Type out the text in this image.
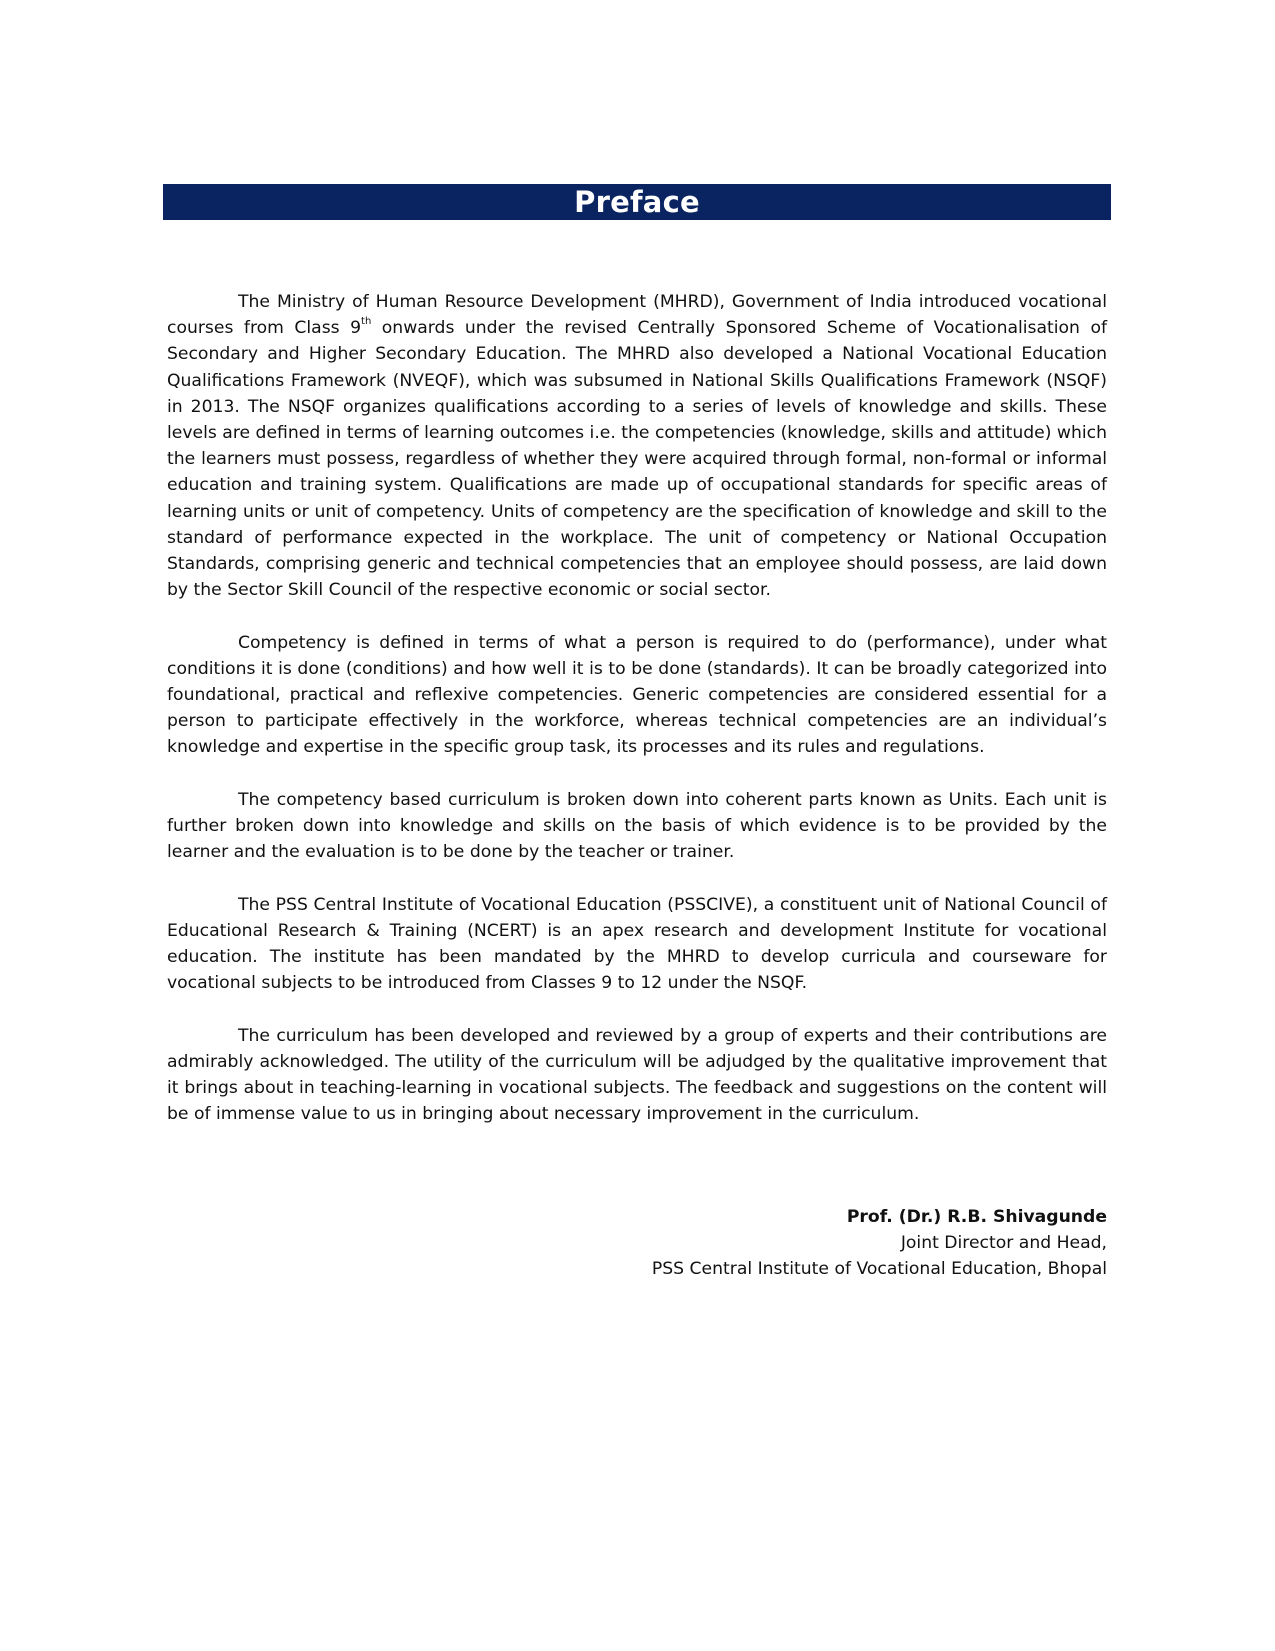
Preface

The Ministry of Human Resource Development (MHRD), Government of India introduced vocational courses from Class 9th onwards under the revised Centrally Sponsored Scheme of Vocationalisation of Secondary and Higher Secondary Education. The MHRD also developed a National Vocational Education Qualifications Framework (NVEQF), which was subsumed in National Skills Qualifications Framework (NSQF) in 2013. The NSQF organizes qualifications according to a series of levels of knowledge and skills. These levels are defined in terms of learning outcomes i.e. the competencies (knowledge, skills and attitude) which the learners must possess, regardless of whether they were acquired through formal, non-formal or informal education and training system. Qualifications are made up of occupational standards for specific areas of learning units or unit of competency. Units of competency are the specification of knowledge and skill to the standard of performance expected in the workplace. The unit of competency or National Occupation Standards, comprising generic and technical competencies that an employee should possess, are laid down by the Sector Skill Council of the respective economic or social sector.

Competency is defined in terms of what a person is required to do (performance), under what conditions it is done (conditions) and how well it is to be done (standards). It can be broadly categorized into foundational, practical and reflexive competencies. Generic competencies are considered essential for a person to participate effectively in the workforce, whereas technical competencies are an individual’s knowledge and expertise in the specific group task, its processes and its rules and regulations.

The competency based curriculum is broken down into coherent parts known as Units. Each unit is further broken down into knowledge and skills on the basis of which evidence is to be provided by the learner and the evaluation is to be done by the teacher or trainer.

The PSS Central Institute of Vocational Education (PSSCIVE), a constituent unit of National Council of Educational Research & Training (NCERT) is an apex research and development Institute for vocational education. The institute has been mandated by the MHRD to develop curricula and courseware for vocational subjects to be introduced from Classes 9 to 12 under the NSQF.

The curriculum has been developed and reviewed by a group of experts and their contributions are admirably acknowledged. The utility of the curriculum will be adjudged by the qualitative improvement that it brings about in teaching-learning in vocational subjects. The feedback and suggestions on the content will be of immense value to us in bringing about necessary improvement in the curriculum.

Prof. (Dr.) R.B. Shivagunde
Joint Director and Head,
PSS Central Institute of Vocational Education, Bhopal
